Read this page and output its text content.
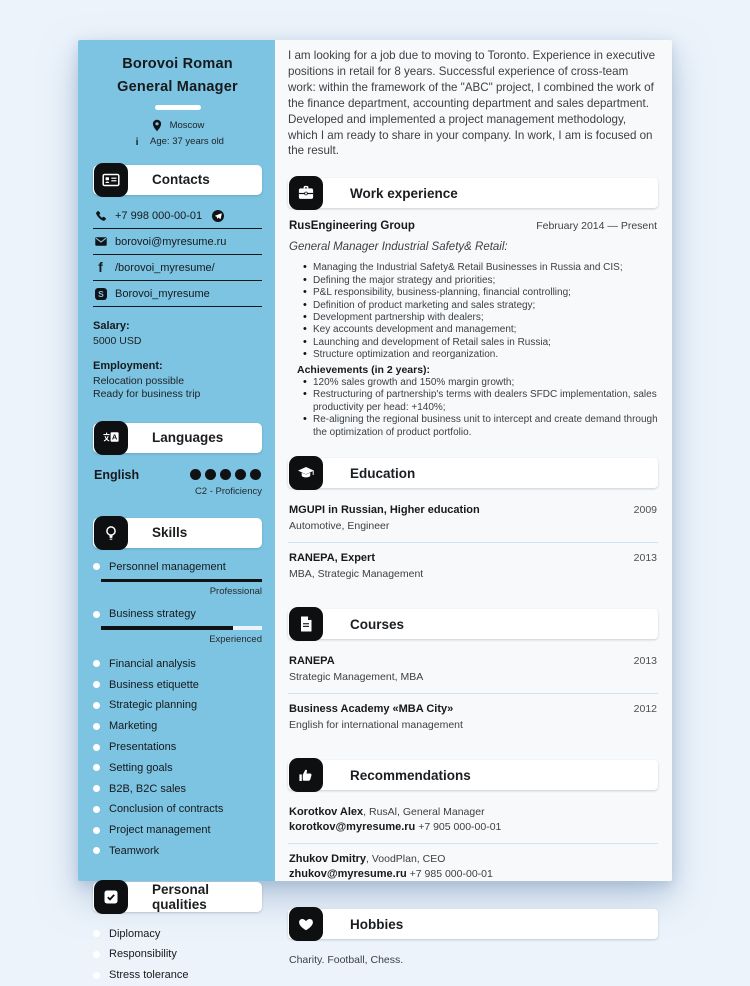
Borovoi Roman
General Manager
Moscow
i	Age: 37 years old
Contacts
+7 998 000-00-01
borovoi@myresume.ru
f	/borovoi_myresume/
S Borovoi_myresume
Salary:
5000 USD
Employment:
Relocation possible
Ready for business trip
A	Languages
English
C2 - Proficiency
Skills
Personnel management
Professional
Business strategy
Experienced
Financial analysis
Business etiquette
Strategic planning
Marketing
Presentations
Setting goals
B2B, B2C sales
Conclusion of contracts
Project management
Teamwork
Personal qualities
Diplomacy
Responsibility
Stress tolerance

I am looking for a job due to moving to Toronto. Experience in executive positions in retail for 8 years. Successful experience of cross-team work: within the framework of the "ABC" project, I combined the work of the finance department, accounting department and sales department. Developed and implemented a project management methodology, which I am ready to share in your company. In work, I am is focused on the result.

Work experience
RusEngineering Group	February 2014 — Present
General Manager Industrial Safety& Retail:
• Managing the Industrial Safety& Retail Businesses in Russia and CIS;
• Defining the major strategy and priorities;
• P&L responsibility, business-planning, financial controlling;
• Definition of product marketing and sales strategy;
• Development partnership with dealers;
• Key accounts development and management;
• Launching and development of Retail sales in Russia;
• Structure optimization and reorganization.
Achievements (in 2 years):
• 120% sales growth and 150% margin growth;
• Restructuring of partnership's terms with dealers SFDC implementation, sales productivity per head: +140%;
• Re-aligning the regional business unit to intercept and create demand through the optimization of product portfolio.
Education
MGUPI in Russian, Higher education	2009
Automotive, Engineer
RANEPA, Expert	2013
MBA, Strategic Management
Courses
RANEPA	2013
Strategic Management, MBA
Business Academy «MBA City»	2012
English for international management
Recommendations
Korotkov Alex, RusAl, General Manager
korotkov@myresume.ru +7 905 000-00-01
Zhukov Dmitry, VoodPlan, CEO
zhukov@myresume.ru +7 985 000-00-01
Hobbies
Charity. Football, Chess.
